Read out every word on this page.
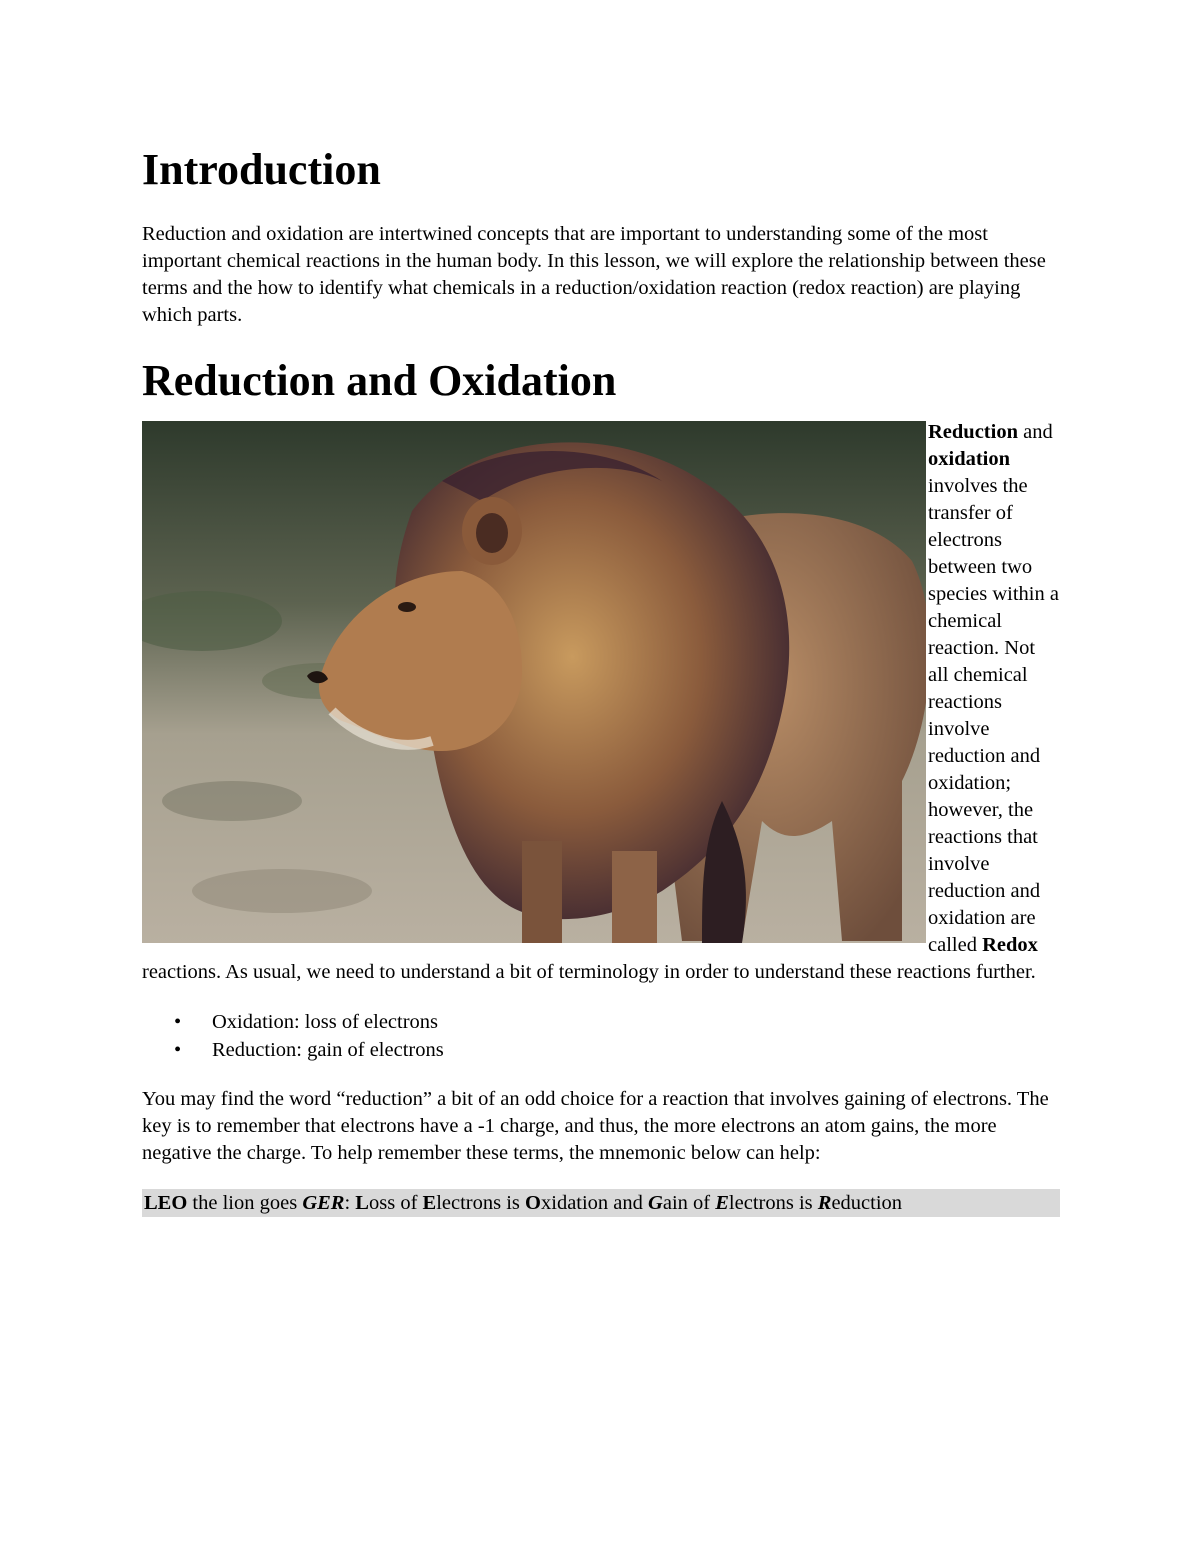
Introduction

Reduction and oxidation are intertwined concepts that are important to understanding some of the most important chemical reactions in the human body. In this lesson, we will explore the relationship between these terms and the how to identify what chemicals in a reduction/oxidation reaction (redox reaction) are playing which parts.

Reduction and Oxidation
Reduction and oxidation involves the transfer of electrons between two species within a chemical reaction. Not all chemical reactions involve reduction and oxidation; however, the reactions that involve reduction and oxidation are called Redox reactions. As usual, we need to understand a bit of terminology in order to understand these reactions further.
• Oxidation: loss of electrons
• Reduction: gain of electrons

You may find the word “reduction” a bit of an odd choice for a reaction that involves gaining of electrons. The key is to remember that electrons have a -1 charge, and thus, the more electrons an atom gains, the more negative the charge. To help remember these terms, the mnemonic below can help:

LEO the lion goes GER: Loss of Electrons is Oxidation and Gain of Electrons is Reduction
